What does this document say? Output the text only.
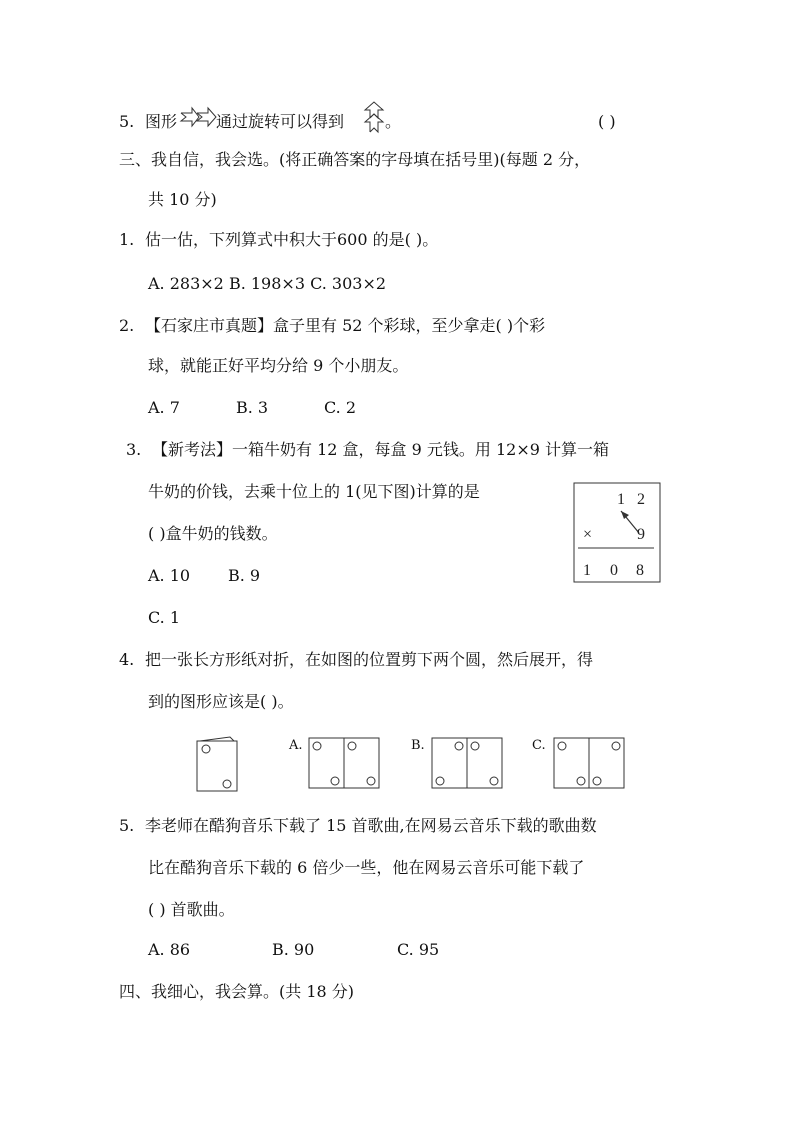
5. 图形 通过旋转可以得到	。	( )
三、我自信，我会选。(将正确答案的字母填在括号里)(每题 2 分，
共 10 分)
1. 估一估，下列算式中积大于600 的是( )。
A. 283×2 B. 198×3 C. 303×2
2. 【石家庄市真题】盒子里有 52 个彩球，至少拿走( )个彩
球，就能正好平均分给 9 个小朋友。
A. 7	B. 3	C. 2
3. 【新考法】一箱牛奶有 12 盒，每盒 9 元钱。用 12×9 计算一箱
牛奶的价钱，去乘十位上的 1(见下图)计算的是
( )盒牛奶的钱数。
A. 10 B. 9
C. 1
1 2
×	9
1 0 8
4. 把一张长方形纸对折，在如图的位置剪下两个圆，然后展开，得
到的图形应该是( )。
A.	B.	C.
5. 李老师在酷狗音乐下载了 15 首歌曲,在网易云音乐下载的歌曲数
比在酷狗音乐下载的 6 倍少一些，他在网易云音乐可能下载了
( ) 首歌曲。
A. 86	B. 90	C. 95
四、我细心，我会算。(共 18 分)
